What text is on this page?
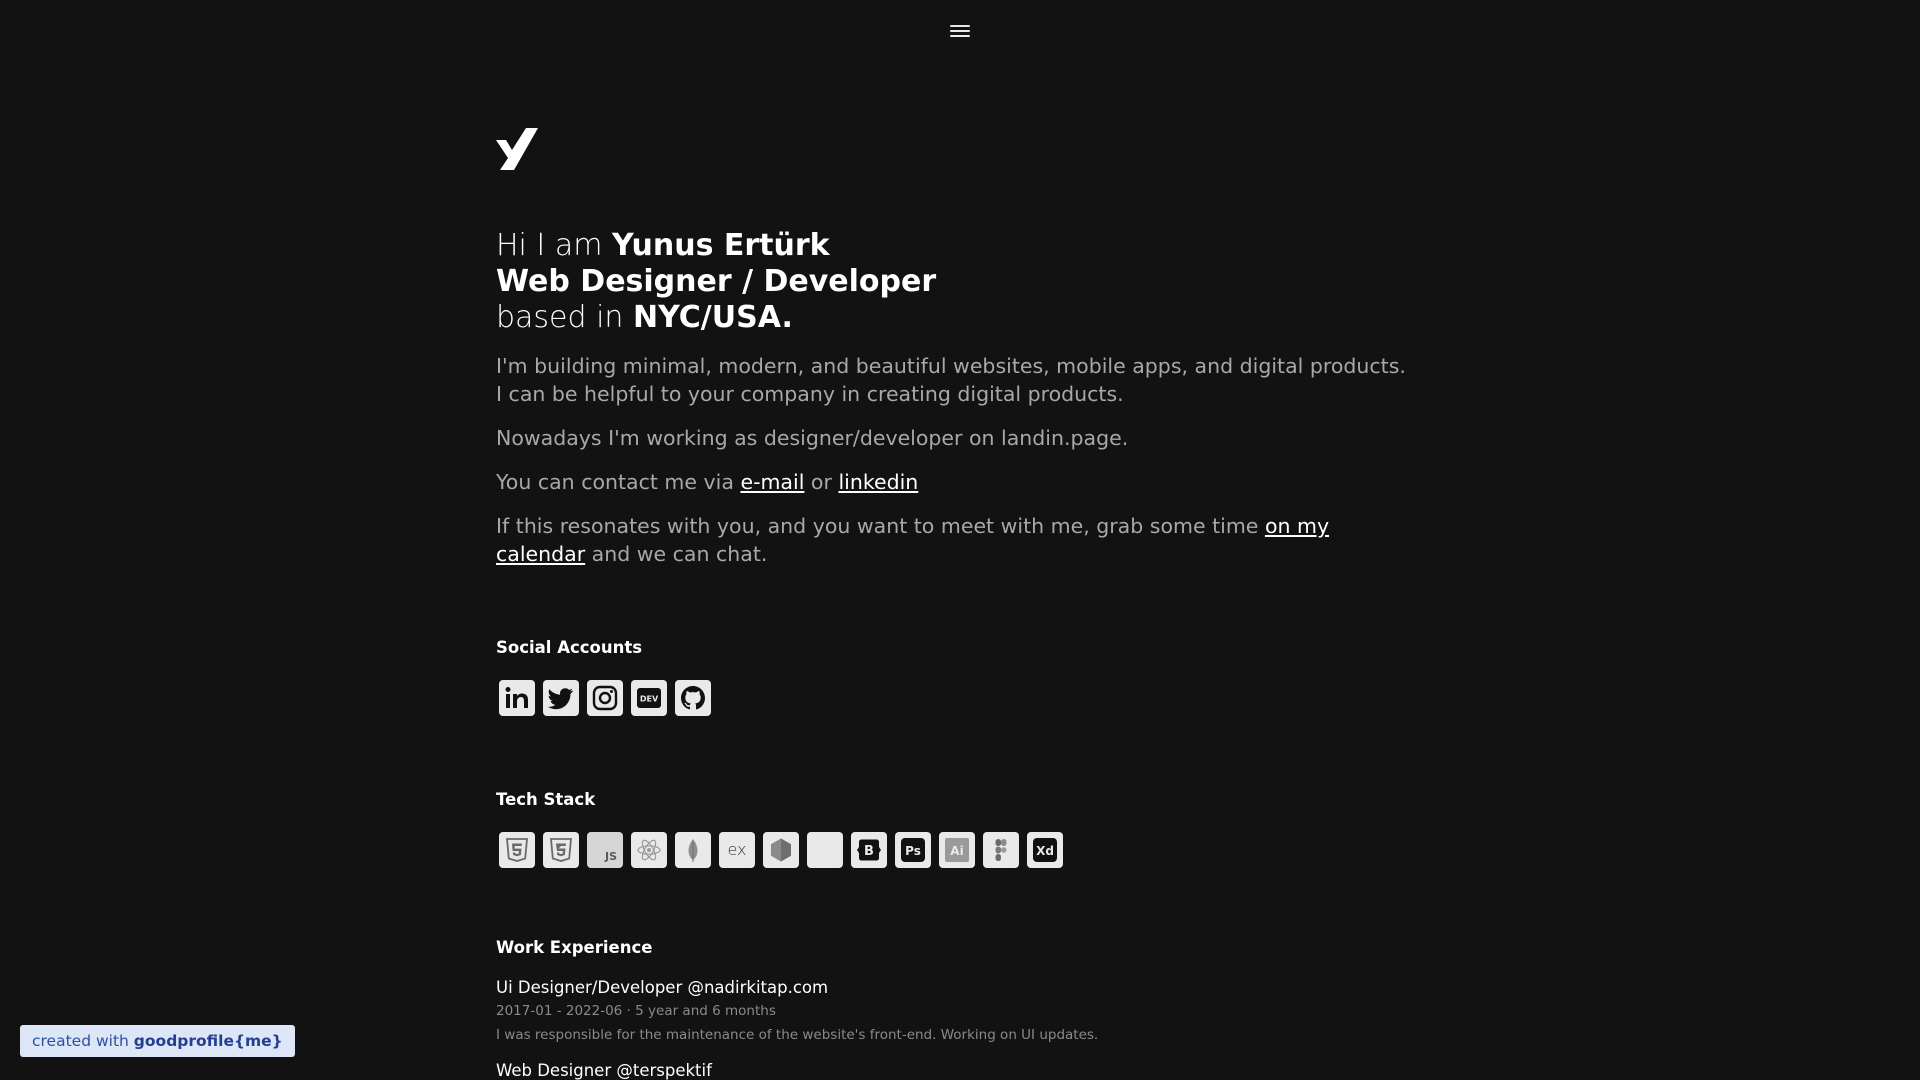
Hi I am Yunus Ertürk
Web Designer / Developer
based in NYC/USA.

I'm building minimal, modern, and beautiful websites, mobile apps, and digital products. I can be helpful to your company in creating digital products.

Nowadays I'm working as designer/developer on landin.page.

You can contact me via e-mail or linkedin

If this resonates with you, and you want to meet with me, grab some time on my calendar and we can chat.

Social Accounts
DEV
Tech Stack
JS	ex	B	Ps Ai	Xd
Work Experience

Ui Designer/Developer @nadirkitap.com

2017-01 - 2022-06 · 5 year and 6 months

I was responsible for the maintenance of the website's front-end. Working on UI updates.

Web Designer @terspektif

created with goodprofile{me}
